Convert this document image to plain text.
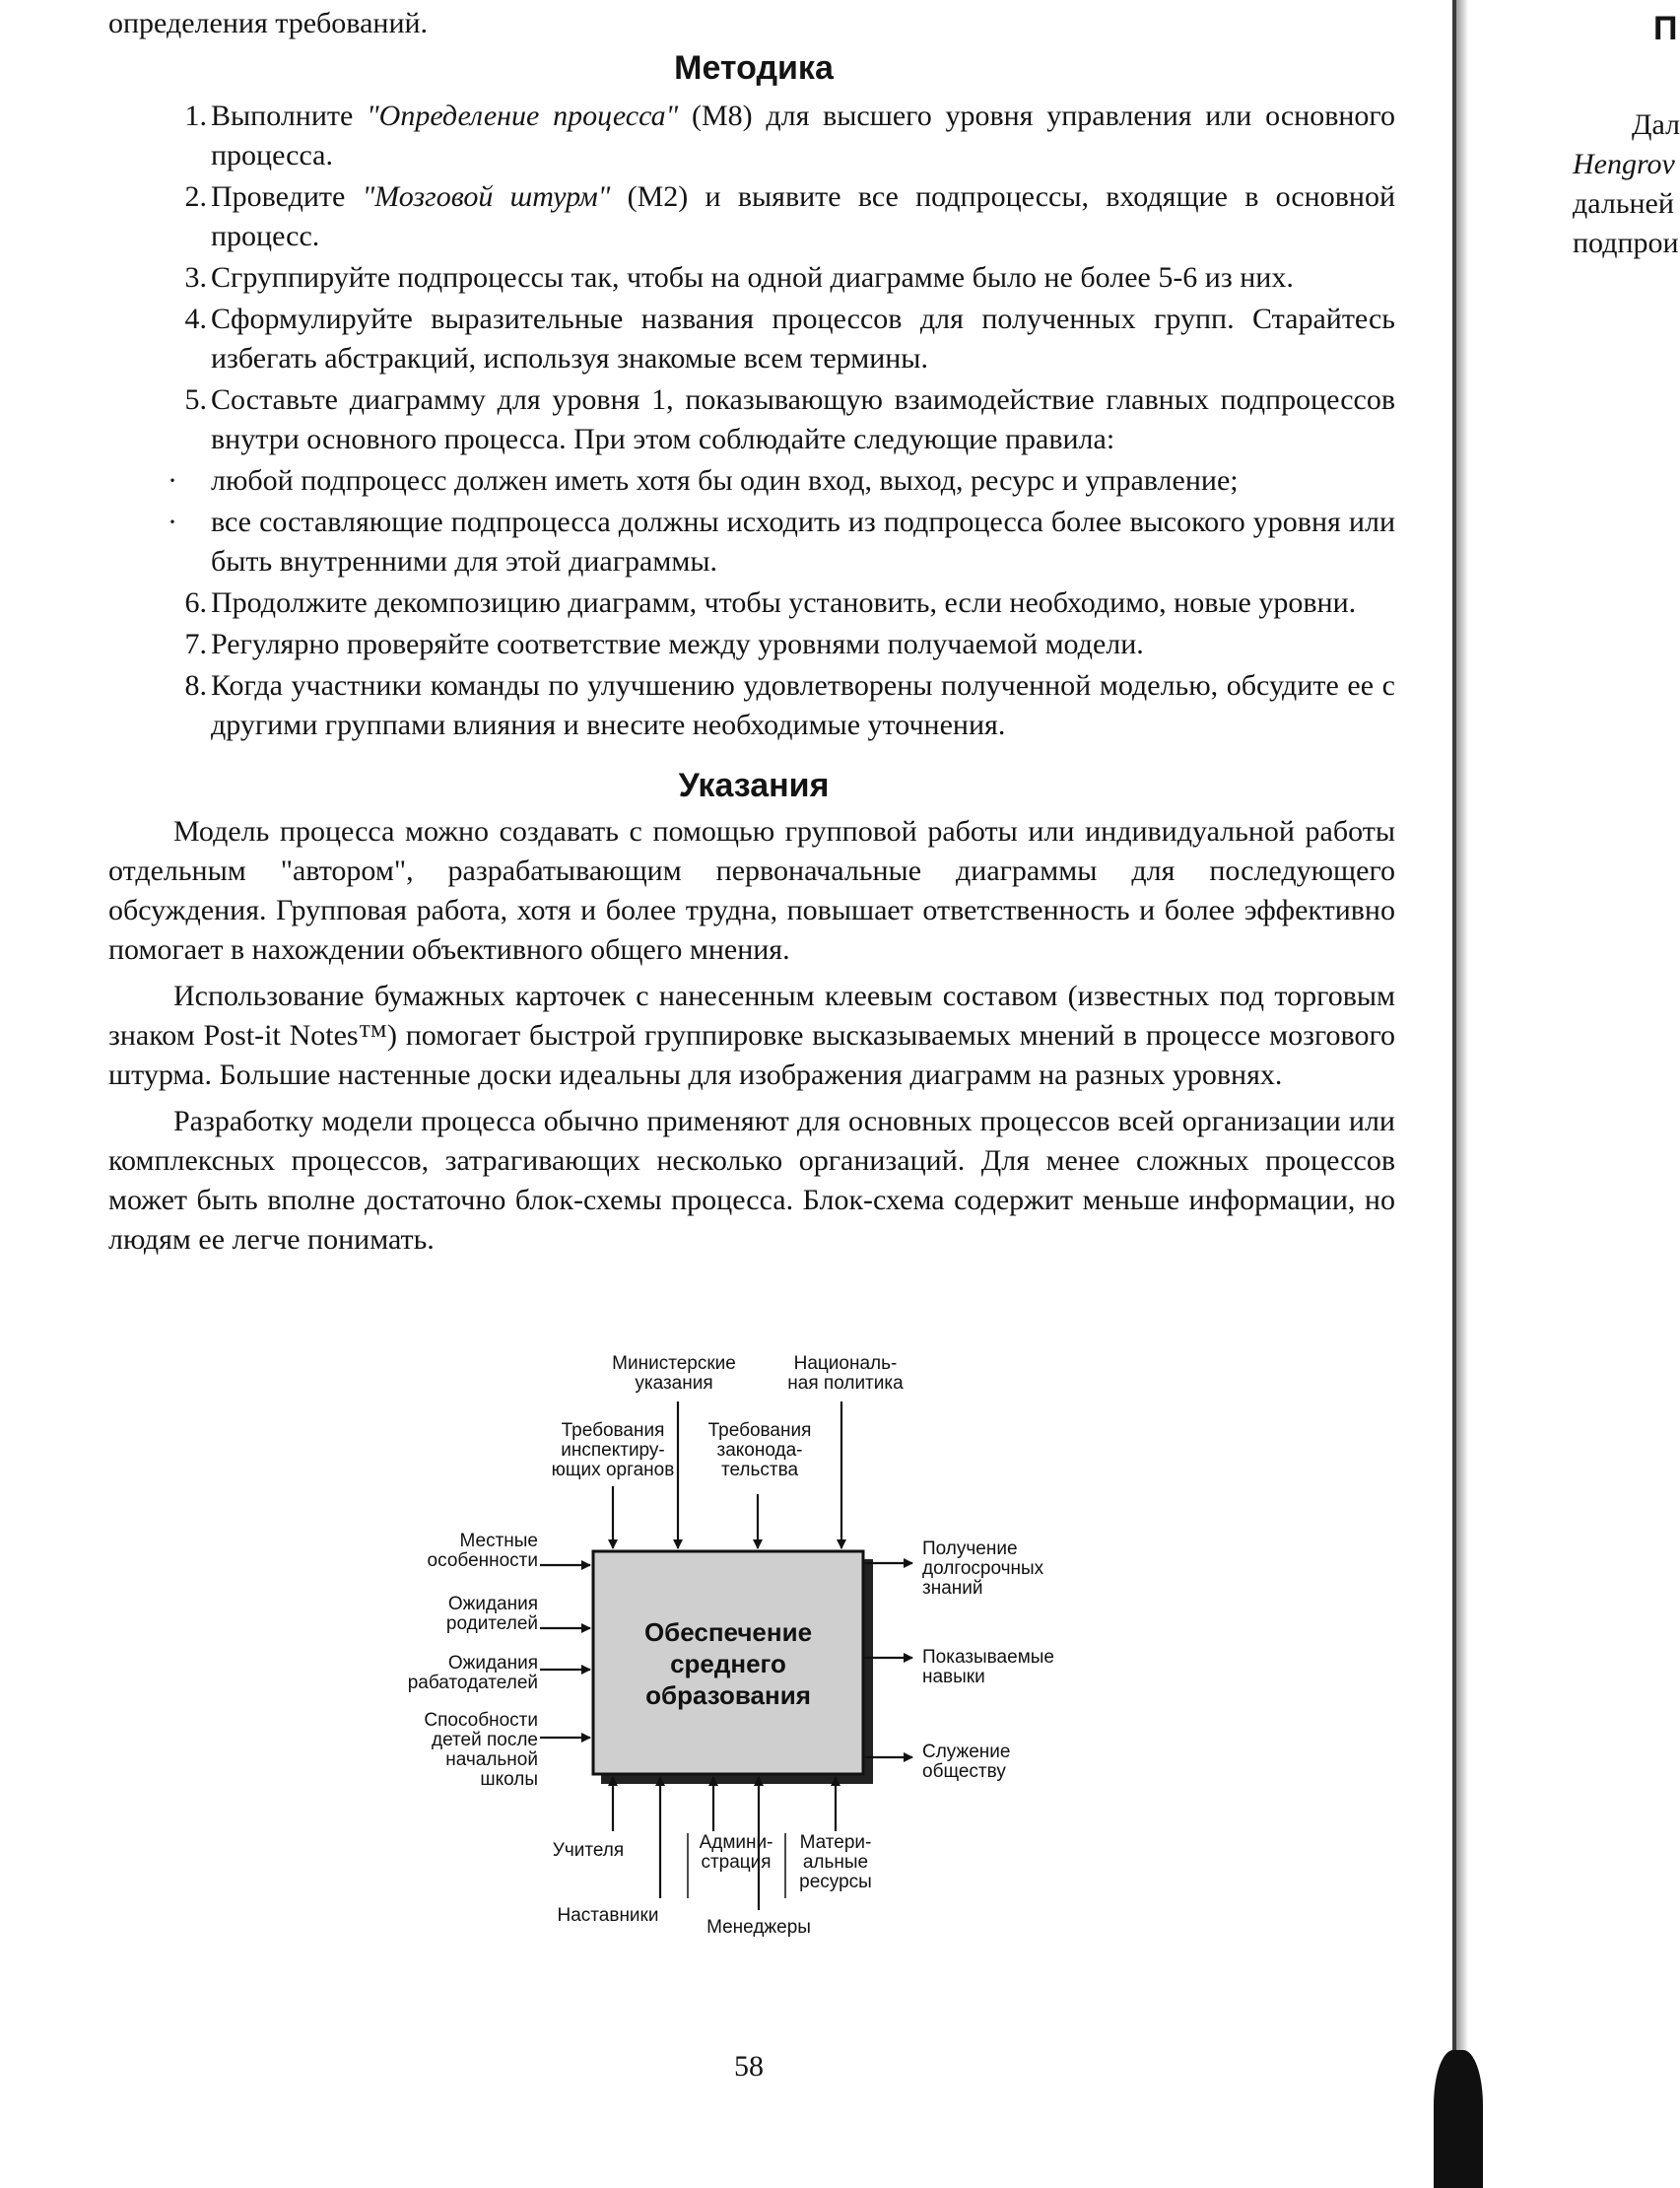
определения требований.
Методика
1. Выполните "Определение процесса" (М8) для высшего уровня управления или основного процесса.
2. Проведите "Мозговой штурм" (М2) и выявите все подпроцессы, входящие в основной процесс.
3. Сгруппируйте подпроцессы так, чтобы на одной диаграмме было не более 5-6 из них.
4. Сформулируйте выразительные названия процессов для полученных групп. Старайтесь избегать абстракций, используя знакомые всем термины.
5. Составьте диаграмму для уровня 1, показывающую взаимодействие главных подпроцессов внутри основного процесса. При этом соблюдайте следующие правила:
·	любой подпроцесс должен иметь хотя бы один вход, выход, ресурс и управление;
·	все составляющие подпроцесса должны исходить из подпроцесса более высокого уровня или быть внутренними для этой диаграммы.
6. Продолжите декомпозицию диаграмм, чтобы установить, если необходимо, новые уровни.
7. Регулярно проверяйте соответствие между уровнями получаемой модели.
8. Когда участники команды по улучшению удовлетворены полученной моделью, обсудите ее с другими группами влияния и внесите необходимые уточнения.
Указания

Модель процесса можно создавать с помощью групповой работы или индивидуальной работы отдельным "автором", разрабатывающим первоначальные диаграммы для последующего обсуждения. Групповая работа, хотя и более трудна, повышает ответственность и более эффективно помогает в нахождении объективного общего мнения.

Использование бумажных карточек с нанесенным клеевым составом (известных под торговым знаком Post-it Notes™) помогает быстрой группировке высказываемых мнений в процессе мозгового штурма. Большие настенные доски идеальны для изображения диаграмм на разных уровнях.

Разработку модели процесса обычно применяют для основных процессов всей организации или комплексных процессов, затрагивающих несколько организаций. Для менее сложных процессов может быть вполне достаточно блок-схемы процесса. Блок-схема содержит меньше информации, но людям ее легче понимать.

Обеспечение
среднего
образования
Министерские
указания
Националь-
ная политика
Требования
инспектиру-
ющих органов
Требования
законода-
тельства
Местные
особенности
Ожидания
родителей
Ожидания
рабатодателей
Способности
детей после
начальной
школы
Получение
долгосрочных
знаний
Показываемые
навыки
Служение
обществу
Учителя
Наставники
Админи-
страция
Менеджеры
Матери-
альные
ресурсы
58
П
Дал
Hengrov
дальней
подпрои
